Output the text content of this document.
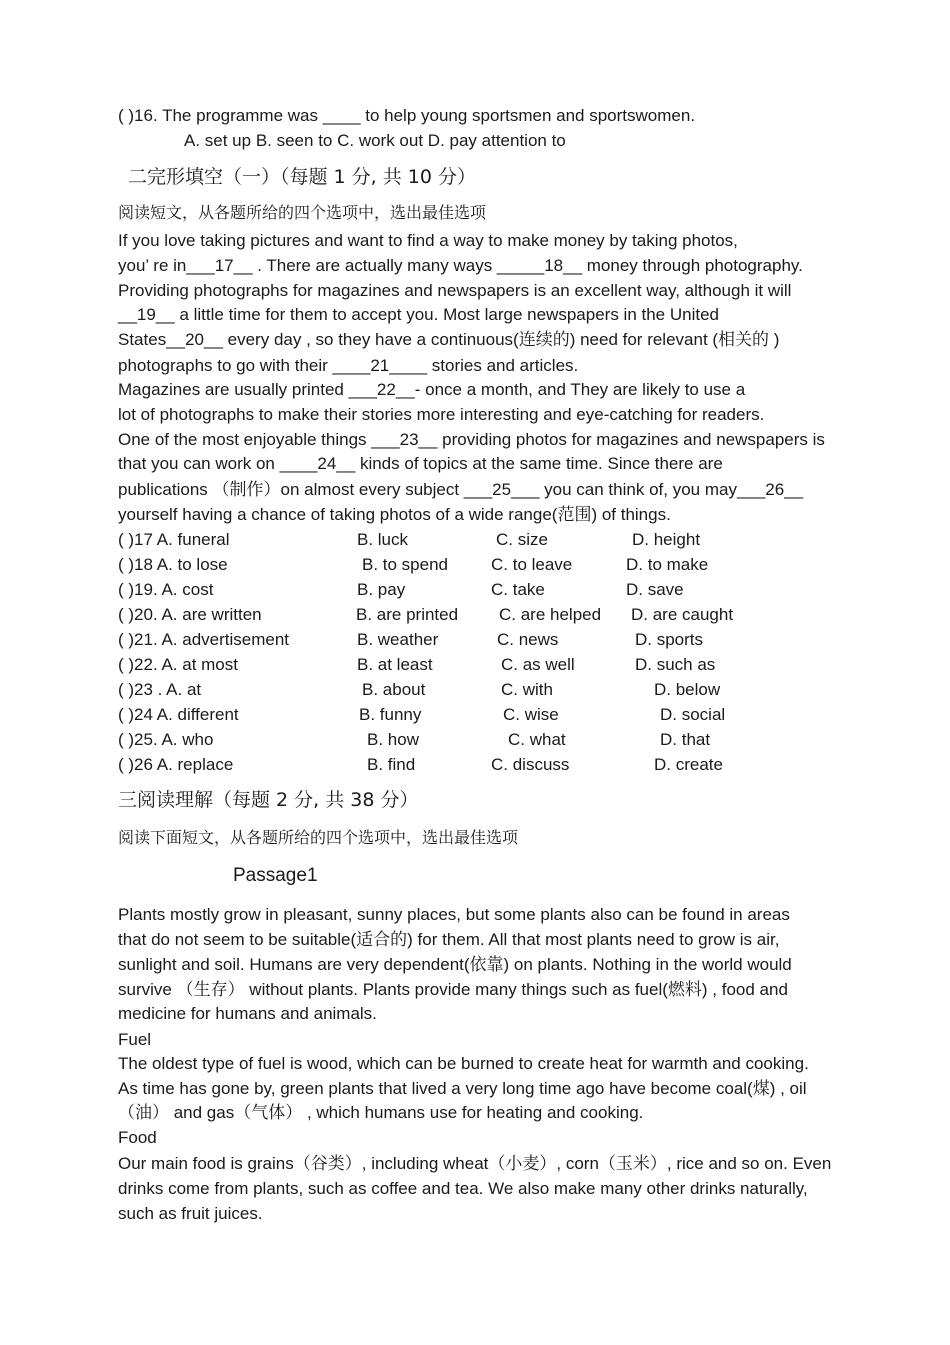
( )16. The programme was ____ to help young sportsmen and sportswomen.
A. set up B. seen to C. work out D. pay attention to
二完形填空（一）（每题 1 分, 共 10 分）
阅读短文，从各题所给的四个选项中，选出最佳选项
If you love taking pictures and want to find a way to make money by taking photos,
you’ re in___17__ . There are actually many ways _____18__ money through photography.
Providing photographs for magazines and newspapers is an excellent way, although it will
__19__ a little time for them to accept you. Most large newspapers in the United
States__20__ every day , so they have a continuous(连续的) need for relevant (相关的 )
photographs to go with their ____21____ stories and articles.
Magazines are usually printed ___22__- once a month, and They are likely to use a
lot of photographs to make their stories more interesting and eye-catching for readers.
One of the most enjoyable things ___23__ providing photos for magazines and newspapers is
that you can work on ____24__ kinds of topics at the same time. Since there are
publications （制作）on almost every subject ___25___ you can think of, you may___26__
yourself having a chance of taking photos of a wide range(范围) of things.
( )17 A. funeral	B. luck	C. size	D. height
( )18 A. to lose	B. to spend	C. to leave	D. to make
( )19. A. cost	B. pay	C. take	D. save
( )20. A. are written	B. are printed C. are helped D. are caught
( )21. A. advertisement	B. weather	C. news	D. sports
( )22. A. at most	B. at least	C. as well	D. such as
( )23 . A. at	B. about	C. with	D. below
( )24 A. different	B. funny	C. wise	D. social
( )25. A. who	B. how	C. what	D. that
( )26 A. replace	B. find	C. discuss	D. create
三阅读理解（每题 2 分, 共 38 分）
阅读下面短文，从各题所给的四个选项中，选出最佳选项
Passage1
Plants mostly grow in pleasant, sunny places, but some plants also can be found in areas
that do not seem to be suitable(适合的) for them. All that most plants need to grow is air,
sunlight and soil. Humans are very dependent(依靠) on plants. Nothing in the world would
survive （生存） without plants. Plants provide many things such as fuel(燃料) , food and
medicine for humans and animals.
Fuel
The oldest type of fuel is wood, which can be burned to create heat for warmth and cooking.
As time has gone by, green plants that lived a very long time ago have become coal(煤) , oil
（油） and gas（气体） , which humans use for heating and cooking.
Food
Our main food is grains（谷类）, including wheat（小麦）, corn（玉米）, rice and so on. Even
drinks come from plants, such as coffee and tea. We also make many other drinks naturally,
such as fruit juices.
